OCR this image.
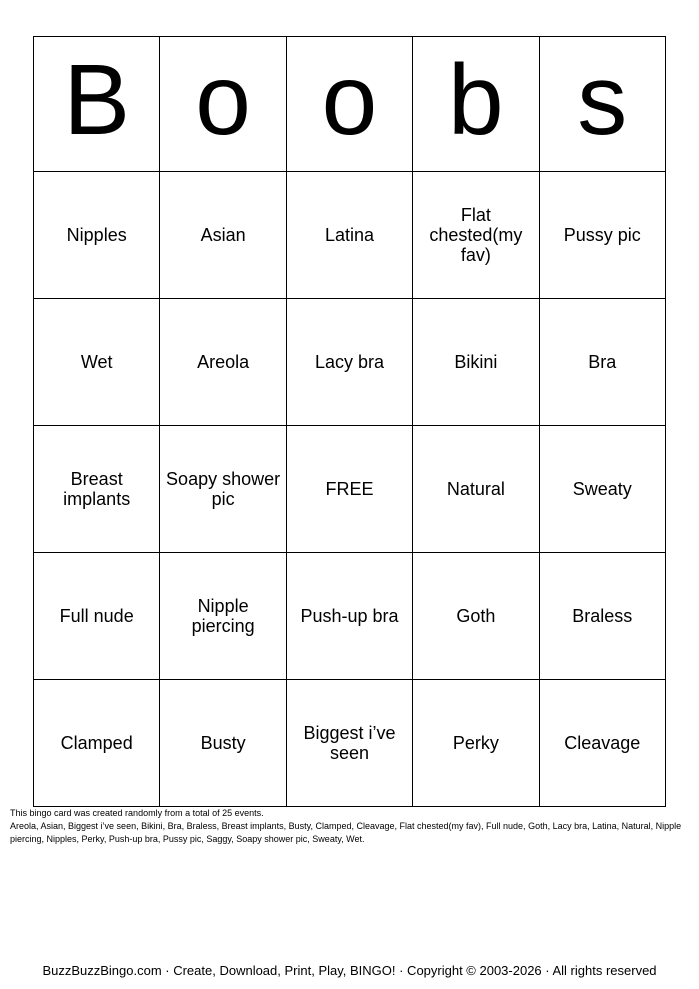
B	o	o	b	s
Nipples	Asian	Latina	Flat chested(my fav)	Pussy pic
Wet	Areola	Lacy bra	Bikini	Bra
Breast implants	Soapy shower pic	FREE	Natural	Sweaty
Full nude	Nipple piercing	Push-up bra	Goth	Braless
Clamped	Busty	Biggest i’ve seen	Perky	Cleavage

This bingo card was created randomly from a total of 25 events.

Areola, Asian, Biggest i’ve seen, Bikini, Bra, Braless, Breast implants, Busty, Clamped, Cleavage, Flat chested(my fav), Full nude, Goth, Lacy bra, Latina, Natural, Nipple piercing, Nipples, Perky, Push-up bra, Pussy pic, Saggy, Soapy shower pic, Sweaty, Wet.

BuzzBuzzBingo.com · Create, Download, Print, Play, BINGO! · Copyright © 2003-2026 · All rights reserved
